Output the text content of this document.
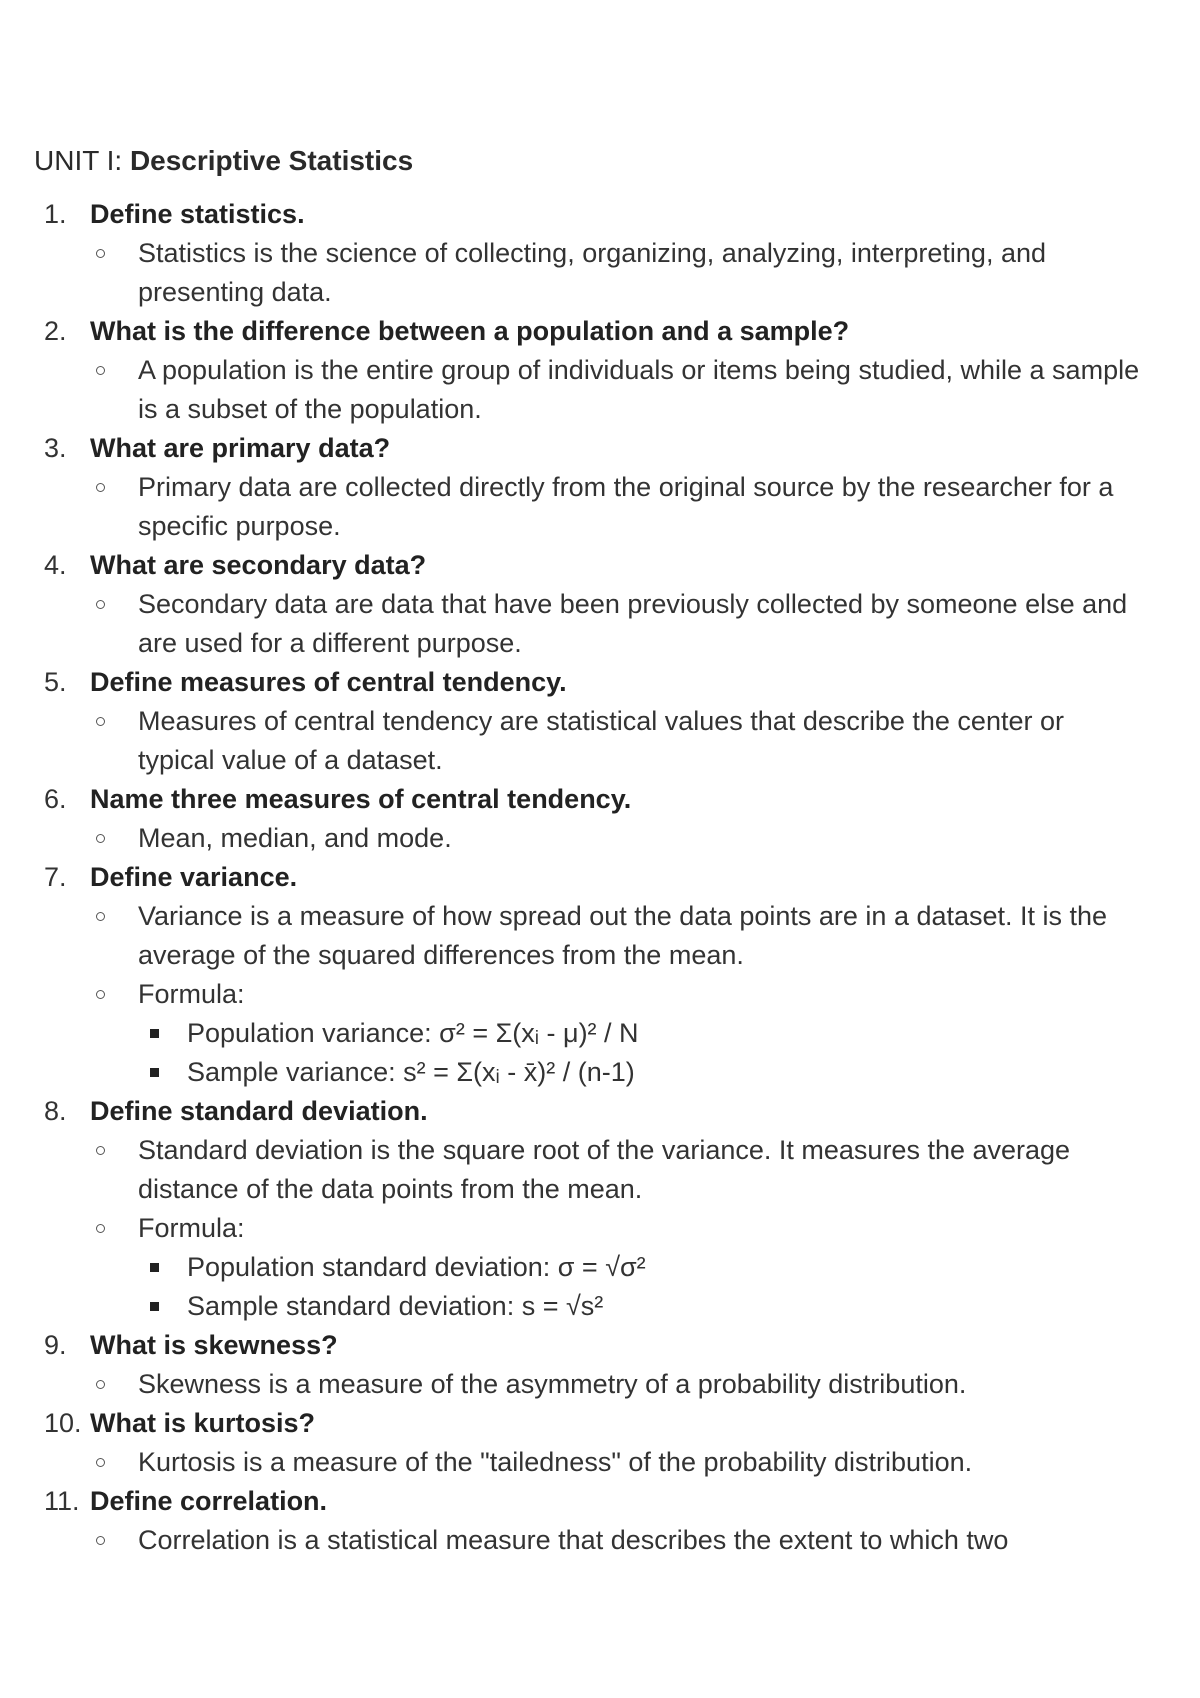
UNIT I: Descriptive Statistics
1. Define statistics.
Statistics is the science of collecting, organizing, analyzing, interpreting, and presenting data.
2. What is the difference between a population and a sample?
A population is the entire group of individuals or items being studied, while a sample is a subset of the population.
3. What are primary data?
Primary data are collected directly from the original source by the researcher for a specific purpose.
4. What are secondary data?
Secondary data are data that have been previously collected by someone else and are used for a different purpose.
5. Define measures of central tendency.
Measures of central tendency are statistical values that describe the center or typical value of a dataset.
6. Name three measures of central tendency.
Mean, median, and mode.
7. Define variance.
Variance is a measure of how spread out the data points are in a dataset. It is the average of the squared differences from the mean.
Formula:
Population variance: σ² = Σ(xᵢ - μ)² / N
Sample variance: s² = Σ(xᵢ - x̄)² / (n-1)
8. Define standard deviation.
Standard deviation is the square root of the variance. It measures the average distance of the data points from the mean.
Formula:
Population standard deviation: σ = √σ²
Sample standard deviation: s = √s²
9. What is skewness?
Skewness is a measure of the asymmetry of a probability distribution.
10. What is kurtosis?
Kurtosis is a measure of the "tailedness" of the probability distribution.
11. Define correlation.
Correlation is a statistical measure that describes the extent to which two
